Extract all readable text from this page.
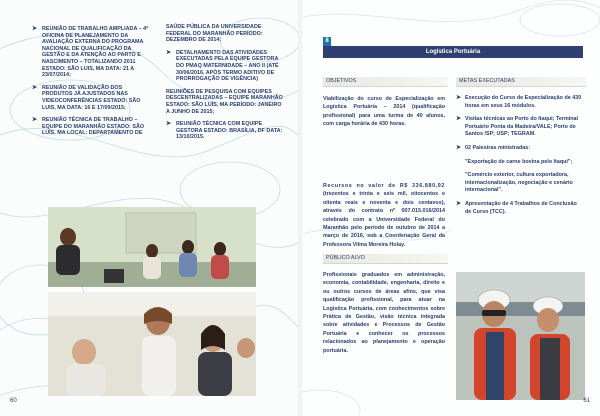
➤ REUNIÃO DE TRABALHO AMPLIADA – 4ª OFICINA DE PLANEJAMENTO DA AVALIAÇÃO EXTERNA DO PROGRAMA NACIONAL DE QUALIFICAÇÃO DA GESTÃO E DA ATENÇÃO AO PARTO E NASCIMENTO – TOTALIZANDO 2011 ESTADO: SÃO LUIS, MA DATA: 21 A 23/07/2014;
➤ REUNIÃO DE VALIDAÇÃO DOS PRODUTOS JÁ AJUSTADOS NAS VIDEOCONFERÊNCIAS ESTADO: SÃO LUIS, MA DATA: 16 E 17/09/2015;
➤ REUNIÃO TÉCNICA DE TRABALHO – EQUIPE DO MARANHÃO ESTADO: SÃO LUÍS, MA LOCAL: DEPARTAMENTO DE
SAÚDE PÚBLICA DA UNIVERSIDADE FEDERAL DO MARANHÃO PERÍODO: DEZEMBRO DE 2014;
➤ DETALHAMENTO DAS ATIVIDADES EXECUTADAS PELA EQUIPE GESTORA DO PMAQ MATERNIDADE – ANO II (ATÉ 30/06/2016, APÓS TERMO ADITIVO DE PRORROGAÇÃO DE VIGÊNCIA)
REUNIÕES DE PESQUISA COM EQUIPES DESCENTRALIZADAS – EQUIPE MARANHÃO ESTADO: SÃO LUÍS, MA PERÍODO: JANEIRO A JUNHO DE 2015;
➤ REUNIÃO TÉCNICA COM EQUIPE GESTORA ESTADO: BRASÍLIA, DF DATA: 13/10/2015.
60
8
Logística Portuária
OBJETIVOS
Viabilização do curso de Especialização em Logística Portuária – 2014 (qualificação profissional) para uma turma de 40 alunos, com carga horária de 430 horas.
Recursos no valor de R$ 336.880,92 (trezentos e trinta e seis mil, oitocentos e oitenta reais e noventa e dois centavos), através do contrato nº 007.015.016/2014 celebrado com a Universidade Federal do Maranhão pelo período de outubro de 2014 a março de 2016, sob a Coordenação Geral da Professora Vilma Moreira Holay.
PÚBLICO ALVO
Profissionais graduados em administração, economia, contabilidade, engenharia, direito e ou outros cursos de áreas afins, que visa qualificação profissional, para atuar na Logística Portuária, com conhecimentos sobre Prática de Gestão, visão técnica integrada sobre atividades e Processos de Gestão Portuária e conhecer os processos relacionados ao planejamento e operação portuária.
METAS EXECUTADAS
➤ Execução do Curso de Especialização de 430 horas em seus 16 módulos.
➤ Visitas técnicas ao Porto do Itaqui; Terminal Portuário Ponta da Madeira/VALE; Porto de Santos /SP; USP; TEGRAM.
➤ 02 Palestras ministradas:
"Exportação de carne bovina pelo Itaqui";
"Comércio exterior, cultura exportadora, internacionalização, negociação e cenário internacional".
➤ Apresentação de 4 Trabalhos de Conclusão de Curso (TCC).
61
